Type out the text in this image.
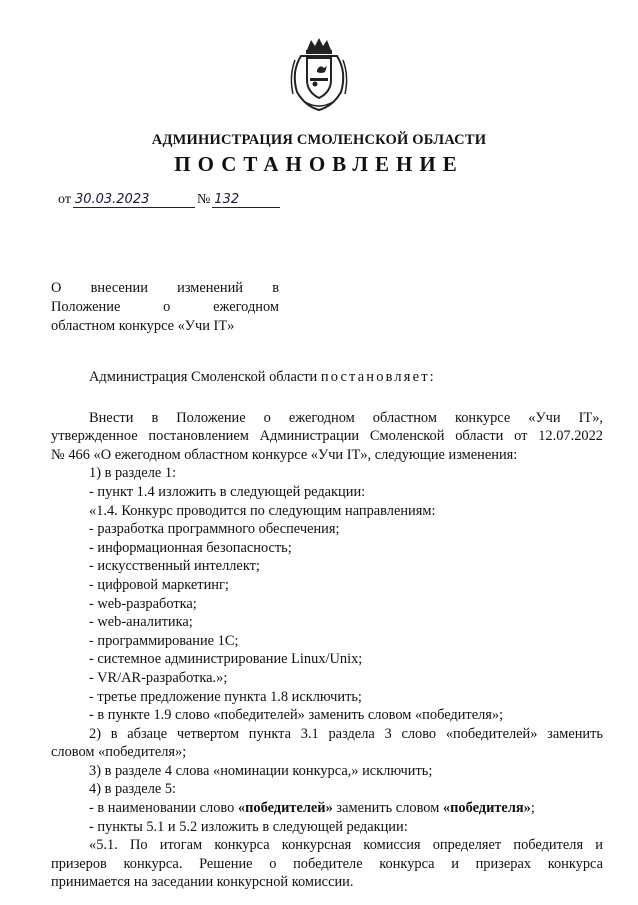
АДМИНИСТРАЦИЯ СМОЛЕНСКОЙ ОБЛАСТИ
ПОСТАНОВЛЕНИЕ
от 30.03.2023	№ 132
О внесении изменений в
Положение о ежегодном
областном конкурсе «Учи IT»

Администрация Смоленской области постановляет:

Внести в Положение о ежегодном областном конкурсе «Учи IT»,

утвержденное постановлением Администрации Смоленской области от 12.07.2022

№ 466 «О ежегодном областном конкурсе «Учи IT», следующие изменения:

1) в разделе 1:

- пункт 1.4 изложить в следующей редакции:

«1.4. Конкурс проводится по следующим направлениям:

- разработка программного обеспечения;

- информационная безопасность;

- искусственный интеллект;

- цифровой маркетинг;

- web-разработка;

- web-аналитика;

- программирование 1С;

- системное администрирование Linux/Unix;

- VR/AR-разработка.»;

- третье предложение пункта 1.8 исключить;

- в пункте 1.9 слово «победителей» заменить словом «победителя»;

2) в абзаце четвертом пункта 3.1 раздела 3 слово «победителей» заменить

словом «победителя»;

3) в разделе 4 слова «номинации конкурса,» исключить;

4) в разделе 5:

- в наименовании слово «победителей» заменить словом «победителя»;

- пункты 5.1 и 5.2 изложить в следующей редакции:

«5.1. По итогам конкурса конкурсная комиссия определяет победителя и

призеров конкурса. Решение о победителе конкурса и призерах конкурса

принимается на заседании конкурсной комиссии.
